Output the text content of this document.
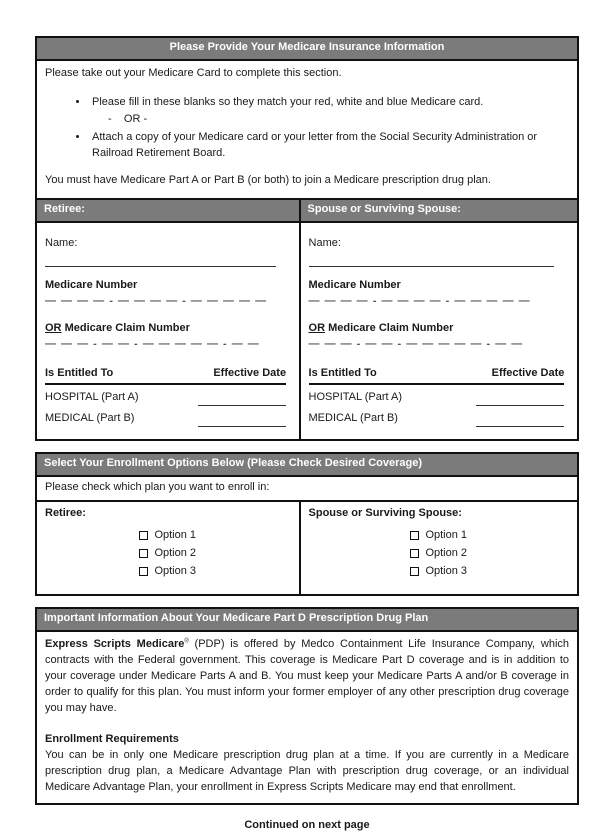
Please Provide Your Medicare Insurance Information

Please take out your Medicare Card to complete this section.

• Please fill in these blanks so they match your red, white and blue Medicare card.
-    OR -
• Attach a copy of your Medicare card or your letter from the Social Security Administration or Railroad Retirement Board.

You must have Medicare Part A or Part B (or both) to join a Medicare prescription drug plan.

Retiree:	Spouse or Surviving Spouse:
Name:
Medicare Number
— — — — - — — — — - — — — — —
OR Medicare Claim Number
— — — - — — - — — — — — - — —
Is Entitled To	Effective Date
HOSPITAL (Part A)
MEDICAL (Part B)
Name:
Medicare Number
— — — — - — — — — - — — — — —
OR Medicare Claim Number
— — — - — — - — — — — — - — —
Is Entitled To	Effective Date
HOSPITAL (Part A)
MEDICAL (Part B)
Select Your Enrollment Options Below (Please Check Desired Coverage)
Please check which plan you want to enroll in:
Retiree:
Option 1
Option 2
Option 3
Spouse or Surviving Spouse:
Option 1
Option 2
Option 3
Important Information About Your Medicare Part D Prescription Drug Plan

Express Scripts Medicare® (PDP) is offered by Medco Containment Life Insurance Company, which contracts with the Federal government. This coverage is Medicare Part D coverage and is in addition to your coverage under Medicare Parts A and B. You must keep your Medicare Parts A and/or B coverage in order to qualify for this plan. You must inform your former employer of any other prescription drug coverage you may have.

Enrollment Requirements

You can be in only one Medicare prescription drug plan at a time. If you are currently in a Medicare prescription drug plan, a Medicare Advantage Plan with prescription drug coverage, or an individual Medicare Advantage Plan, your enrollment in Express Scripts Medicare may end that enrollment.

Continued on next page
